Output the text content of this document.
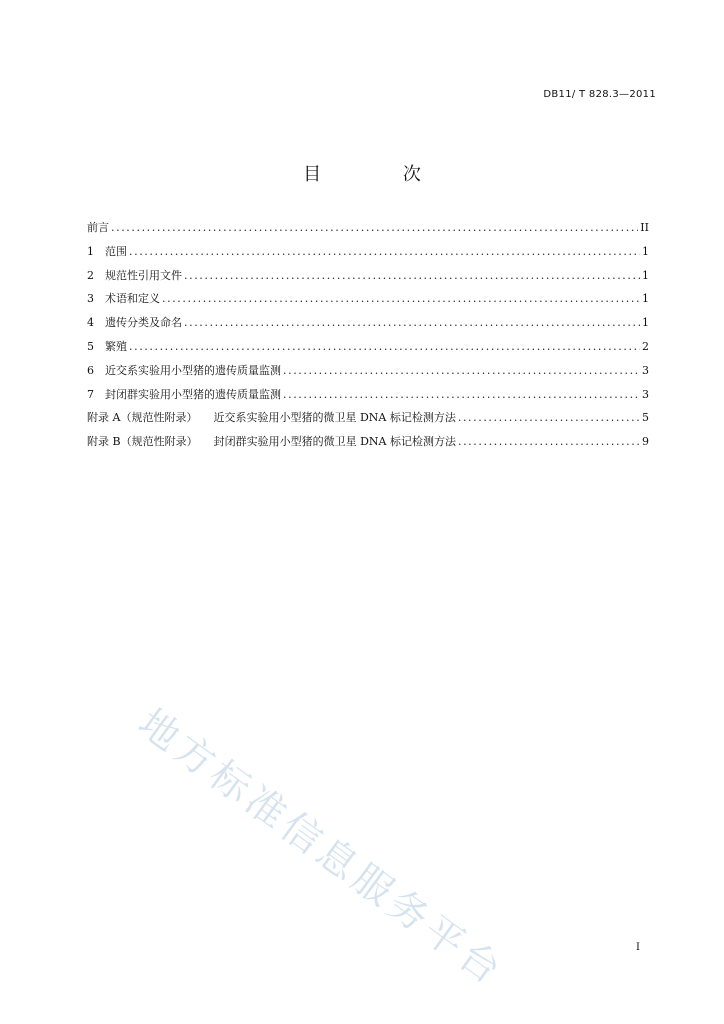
DB11/ T 828.3—2011
目 次
前言 .....	II
1	范围 .....	1
2	规范性引用文件 .....	1
3	术语和定义 .....	1
4	遗传分类及命名 .....	1
5	繁殖 .....	2
6	近交系实验用小型猪的遗传质量监测 .....	3
7	封闭群实验用小型猪的遗传质量监测 .....	3
附录 A（规范性附录） 近交系实验用小型猪的微卫星 DNA 标记检测方法 .....	5
附录 B（规范性附录） 封闭群实验用小型猪的微卫星 DNA 标记检测方法 .....	9
地方标准信息服务平台	I
